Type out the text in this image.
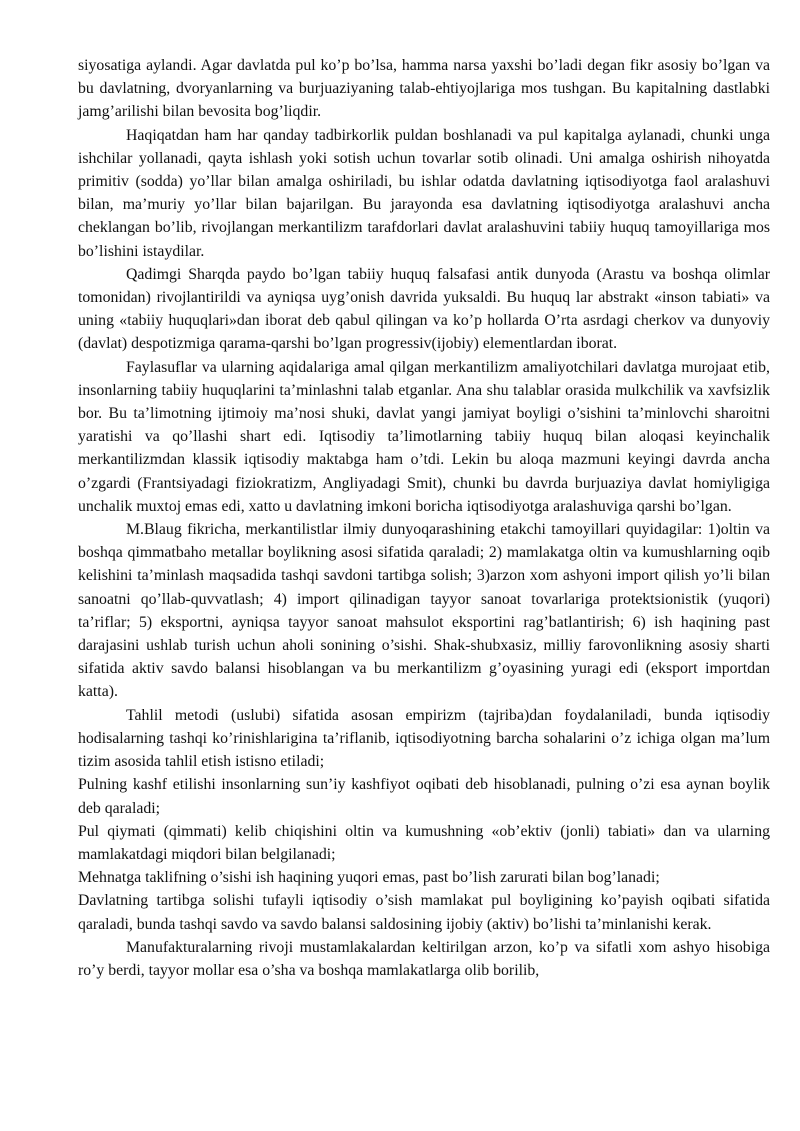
siyosatiga aylandi. Agar davlatda pul ko’p bo’lsa, hamma narsa yaxshi bo’ladi degan fikr asosiy bo’lgan va bu davlatning, dvoryanlarning va burjuaziyaning talab-ehtiyojlariga mos tushgan. Bu kapitalning dastlabki jamg’arilishi bilan bevosita bog’liqdir.

Haqiqatdan ham har qanday tadbirkorlik puldan boshlanadi va pul kapitalga aylanadi, chunki unga ishchilar yollanadi, qayta ishlash yoki sotish uchun tovarlar sotib olinadi. Uni amalga oshirish nihoyatda primitiv (sodda) yo’llar bilan amalga oshiriladi, bu ishlar odatda davlatning iqtisodiyotga faol aralashuvi bilan, ma’muriy yo’llar bilan bajarilgan. Bu jarayonda esa davlatning iqtisodiyotga aralashuvi ancha cheklangan bo’lib, rivojlangan merkantilizm tarafdorlari davlat aralashuvini tabiiy huquq tamoyillariga mos bo’lishini istaydilar.

Qadimgi Sharqda paydo bo’lgan tabiiy huquq falsafasi antik dunyoda (Arastu va boshqa olimlar tomonidan) rivojlantirildi va ayniqsa uyg’onish davrida yuksaldi. Bu huquq lar abstrakt «inson tabiati» va uning «tabiiy huquqlari»dan iborat deb qabul qilingan va ko’p hollarda O’rta asrdagi cherkov va dunyoviy (davlat) despotizmiga qarama-qarshi bo’lgan progressiv(ijobiy) elementlardan iborat.

Faylasuflar va ularning aqidalariga amal qilgan merkantilizm amaliyotchilari davlatga murojaat etib, insonlarning tabiiy huquqlarini ta’minlashni talab etganlar. Ana shu talablar orasida mulkchilik va xavfsizlik bor. Bu ta’limotning ijtimoiy ma’nosi shuki, davlat yangi jamiyat boyligi o’sishini ta’minlovchi sharoitni yaratishi va qo’llashi shart edi. Iqtisodiy ta’limotlarning tabiiy huquq bilan aloqasi keyinchalik merkantilizmdan klassik iqtisodiy maktabga ham o’tdi. Lekin bu aloqa mazmuni keyingi davrda ancha o’zgardi (Frantsiyadagi fiziokratizm, Angliyadagi Smit), chunki bu davrda burjuaziya davlat homiyligiga unchalik muxtoj emas edi, xatto u davlatning imkoni boricha iqtisodiyotga aralashuviga qarshi bo’lgan.

M.Blaug fikricha, merkantilistlar ilmiy dunyoqarashining etakchi tamoyillari quyidagilar: 1)oltin va boshqa qimmatbaho metallar boylikning asosi sifatida qaraladi; 2) mamlakatga oltin va kumushlarning oqib kelishini ta’minlash maqsadida tashqi savdoni tartibga solish; 3)arzon xom ashyoni import qilish yo’li bilan sanoatni qo’llab-quvvatlash; 4) import qilinadigan tayyor sanoat tovarlariga protektsionistik (yuqori) ta’riflar; 5) eksportni, ayniqsa tayyor sanoat mahsulot eksportini rag’batlantirish; 6) ish haqining past darajasini ushlab turish uchun aholi sonining o’sishi. Shak-shubxasiz, milliy farovonlikning asosiy sharti sifatida aktiv savdo balansi hisoblangan va bu merkantilizm g’oyasining yuragi edi (eksport importdan katta).

Tahlil metodi (uslubi) sifatida asosan empirizm (tajriba)dan foydalaniladi, bunda iqtisodiy hodisalarning tashqi ko’rinishlarigina ta’riflanib, iqtisodiyotning barcha sohalarini o’z ichiga olgan ma’lum tizim asosida tahlil etish istisno etiladi;

Pulning kashf etilishi insonlarning sun’iy kashfiyot oqibati deb hisoblanadi, pulning o’zi esa aynan boylik deb qaraladi;

Pul qiymati (qimmati) kelib chiqishini oltin va kumushning «ob’ektiv (jonli) tabiati» dan va ularning mamlakatdagi miqdori bilan belgilanadi;

Mehnatga taklifning o’sishi ish haqining yuqori emas, past bo’lish zarurati bilan bog’lanadi;

Davlatning tartibga solishi tufayli iqtisodiy o’sish mamlakat pul boyligining ko’payish oqibati sifatida qaraladi, bunda tashqi savdo va savdo balansi saldosining ijobiy (aktiv) bo’lishi ta’minlanishi kerak.

Manufakturalarning rivoji mustamlakalardan keltirilgan arzon, ko’p va sifatli xom ashyo hisobiga ro’y berdi, tayyor mollar esa o’sha va boshqa mamlakatlarga olib borilib,
